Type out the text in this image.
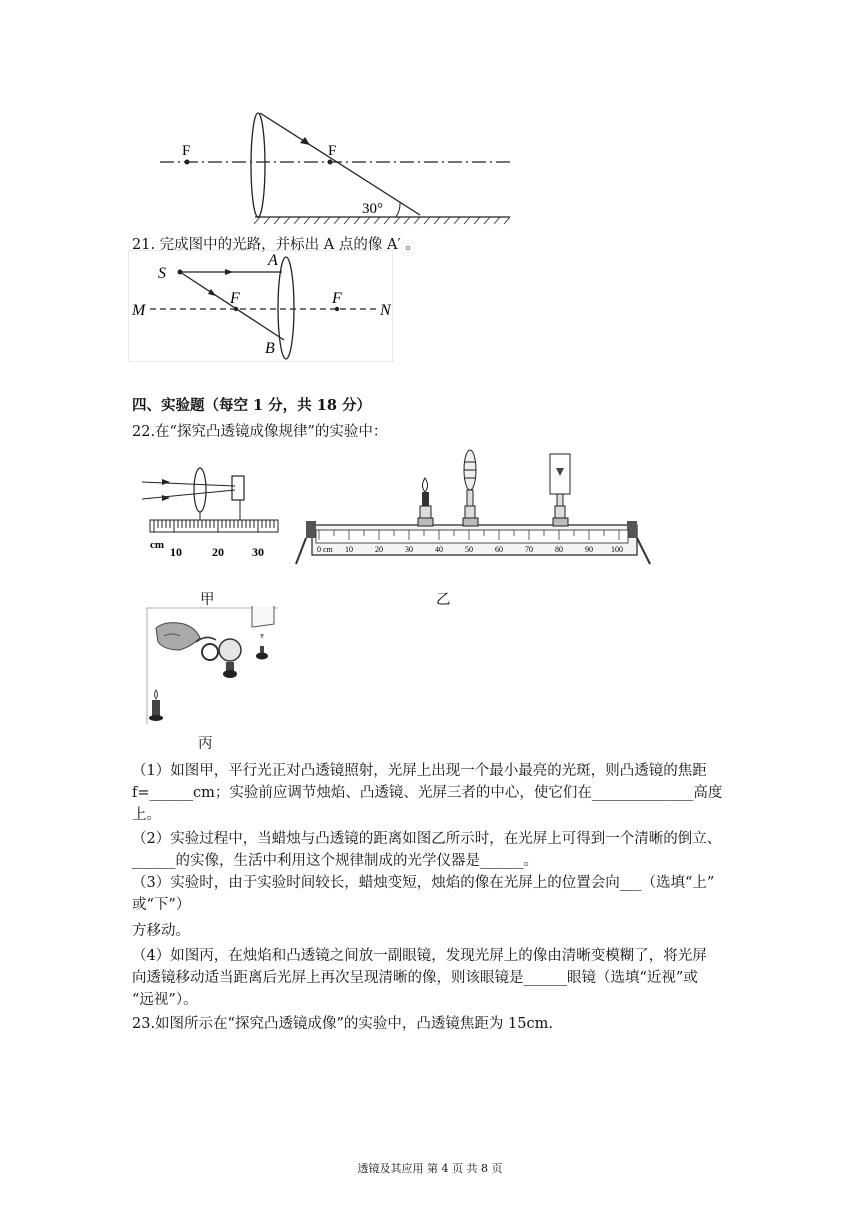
F	F
30°
21. 完成图中的光路，并标出 A 点的像 A′ 。
S
A
B
F	F
M	N
四、实验题（每空 1 分，共 18 分）
22.在“探究凸透镜成像规律”的实验中：
cm 10	20 30	0 cm 10	20	30	40	50	60	70	80	90 100
甲	乙
丙
（1）如图甲，平行光正对凸透镜照射，光屏上出现一个最小最亮的光斑，则凸透镜的焦距
f=______cm；实验前应调节烛焰、凸透镜、光屏三者的中心，使它们在______________高度
上。
（2）实验过程中，当蜡烛与凸透镜的距离如图乙所示时，在光屏上可得到一个清晰的倒立、
______的实像，生活中利用这个规律制成的光学仪器是______。
（3）实验时，由于实验时间较长，蜡烛变短，烛焰的像在光屏上的位置会向___（选填“上”
或“下”）
方移动。
（4）如图丙，在烛焰和凸透镜之间放一副眼镜，发现光屏上的像由清晰变模糊了，将光屏
向透镜移动适当距离后光屏上再次呈现清晰的像，则该眼镜是______眼镜（选填“近视”或
“远视”）。
23.如图所示在“探究凸透镜成像”的实验中，凸透镜焦距为 15cm.
透镜及其应用 第 4 页 共 8 页
